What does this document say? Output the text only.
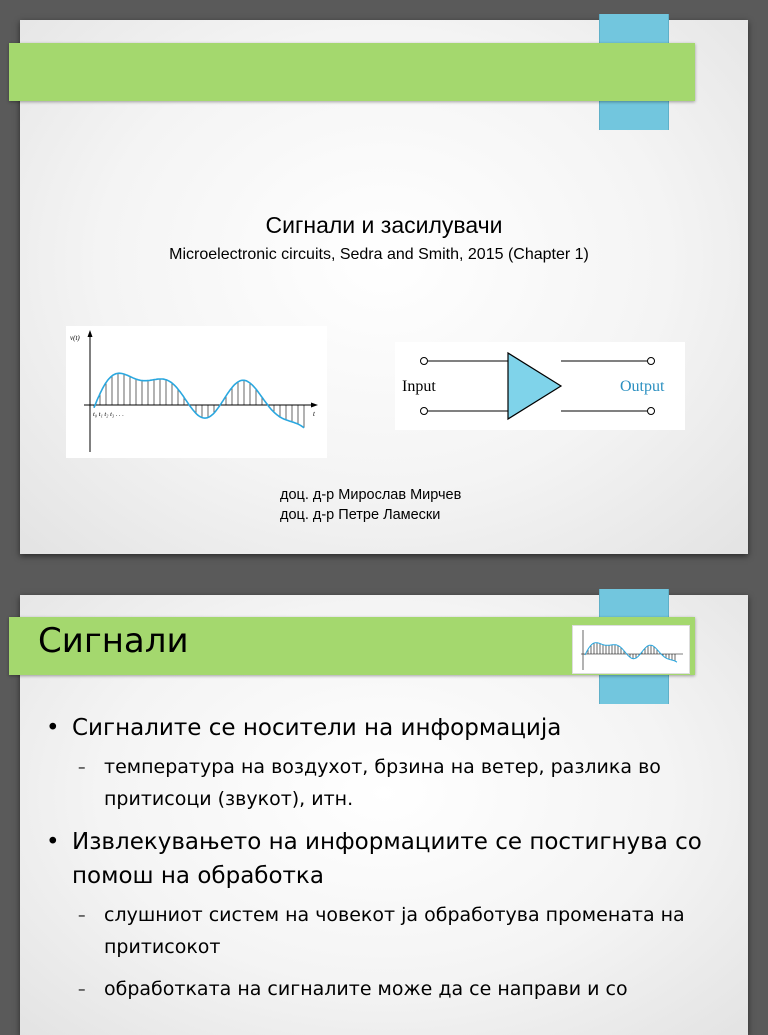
Сигнали и засилувачи
Microelectronic circuits, Sedra and Smith, 2015 (Chapter 1)
v(t)
t
t₀ t₁ t₂ t₃ . . .
Input	Output
доц. д-р Мирослав Мирчев
доц. д-р Петре Ламески
Сигнали
• Сигналите се носители на информација
– температура на воздухот, брзина на ветер, разлика во притисоци (звукот), итн.
• Извлекувањето на информациите се постигнува со помош на обработка
– слушниот систем на човекот ја обработува промената на притисокот
– обработката на сигналите може да се направи и со
